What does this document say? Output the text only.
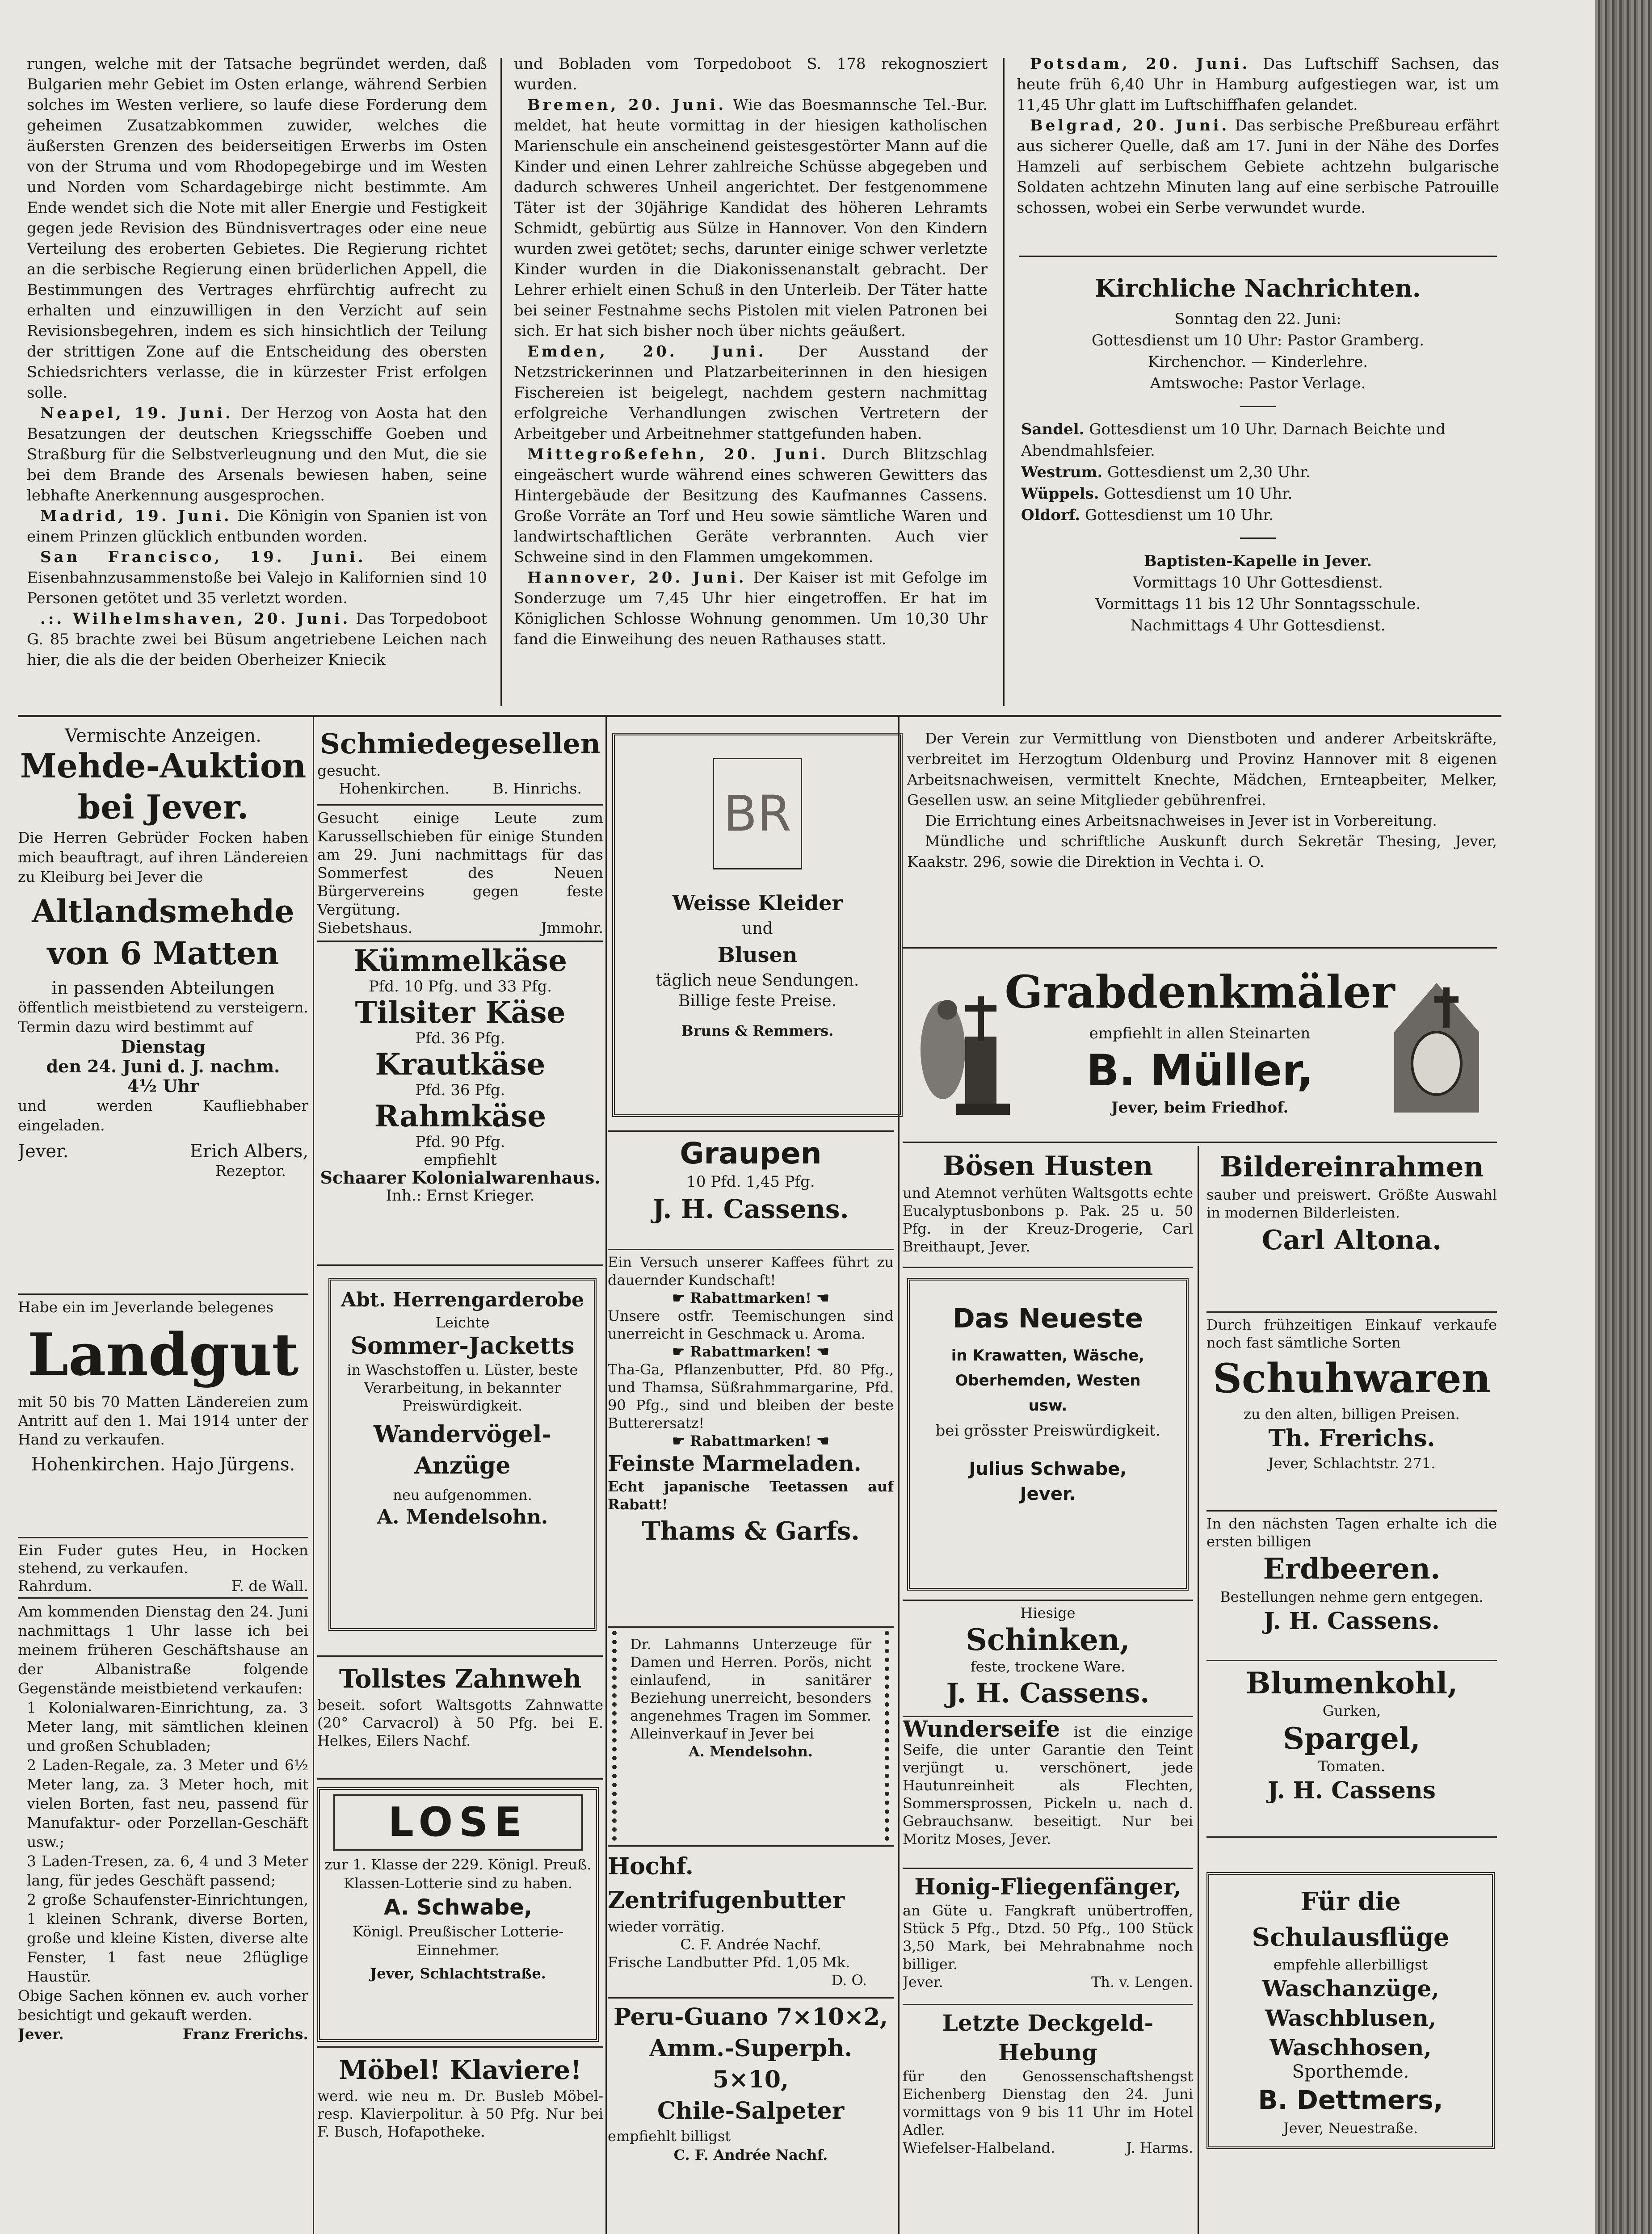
rungen, welche mit der Tatsache begründet werden, daß Bulgarien mehr Gebiet im Osten erlange, während Serbien solches im Westen verliere, so laufe diese Forderung dem geheimen Zusatzabkommen zuwider, welches die äußersten Grenzen des beiderseitigen Erwerbs im Osten von der Struma und vom Rhodopegebirge und im Westen und Norden vom Schardagebirge nicht bestimmte. Am Ende wendet sich die Note mit aller Energie und Festigkeit gegen jede Revision des Bündnisvertrages oder eine neue Verteilung des eroberten Gebietes. Die Regierung richtet an die serbische Regierung einen brüderlichen Appell, die Bestimmungen des Vertrages ehrfürchtig aufrecht zu erhalten und einzuwilligen in den Verzicht auf sein Revisionsbegehren, indem es sich hinsichtlich der Teilung der strittigen Zone auf die Entscheidung des obersten Schiedsrichters verlasse, die in kürzester Frist erfolgen solle.

Neapel, 19. Juni. Der Herzog von Aosta hat den Besatzungen der deutschen Kriegsschiffe Goeben und Straßburg für die Selbstverleugnung und den Mut, die sie bei dem Brande des Arsenals bewiesen haben, seine lebhafte Anerkennung ausgesprochen.

Madrid, 19. Juni. Die Königin von Spanien ist von einem Prinzen glücklich entbunden worden.

San Francisco, 19. Juni. Bei einem Eisenbahnzusammenstoße bei Valejo in Kalifornien sind 10 Personen getötet und 35 verletzt worden.

.:. Wilhelmshaven, 20. Juni. Das Torpedoboot G. 85 brachte zwei bei Büsum angetriebene Leichen nach hier, die als die der beiden Oberheizer Kniecik

und Bobladen vom Torpedoboot S. 178 rekognosziert wurden.

Bremen, 20. Juni. Wie das Boesmannsche Tel.-Bur. meldet, hat heute vormittag in der hiesigen katholischen Marienschule ein anscheinend geistesgestörter Mann auf die Kinder und einen Lehrer zahlreiche Schüsse abgegeben und dadurch schweres Unheil angerichtet. Der festgenommene Täter ist der 30jährige Kandidat des höheren Lehramts Schmidt, gebürtig aus Sülze in Hannover. Von den Kindern wurden zwei getötet; sechs, darunter einige schwer verletzte Kinder wurden in die Diakonissenanstalt gebracht. Der Lehrer erhielt einen Schuß in den Unterleib. Der Täter hatte bei seiner Festnahme sechs Pistolen mit vielen Patronen bei sich. Er hat sich bisher noch über nichts geäußert.

Emden, 20. Juni. Der Ausstand der Netzstrickerinnen und Platzarbeiterinnen in den hiesigen Fischereien ist beigelegt, nachdem gestern nachmittag erfolgreiche Verhandlungen zwischen Vertretern der Arbeitgeber und Arbeitnehmer stattgefunden haben.

Mittegroßefehn, 20. Juni. Durch Blitzschlag eingeäschert wurde während eines schweren Gewitters das Hintergebäude der Besitzung des Kaufmannes Cassens. Große Vorräte an Torf und Heu sowie sämtliche Waren und landwirtschaftlichen Geräte verbrannten. Auch vier Schweine sind in den Flammen umgekommen.

Hannover, 20. Juni. Der Kaiser ist mit Gefolge im Sonderzuge um 7,45 Uhr hier eingetroffen. Er hat im Königlichen Schlosse Wohnung genommen. Um 10,30 Uhr fand die Einweihung des neuen Rathauses statt.

Potsdam, 20. Juni. Das Luftschiff Sachsen, das heute früh 6,40 Uhr in Hamburg aufgestiegen war, ist um 11,45 Uhr glatt im Luftschiffhafen gelandet.

Belgrad, 20. Juni. Das serbische Preßbureau erfährt aus sicherer Quelle, daß am 17. Juni in der Nähe des Dorfes Hamzeli auf serbischem Gebiete achtzehn bulgarische Soldaten achtzehn Minuten lang auf eine serbische Patrouille schossen, wobei ein Serbe verwundet wurde.

Kirchliche Nachrichten.
Sonntag den 22. Juni:
Gottesdienst um 10 Uhr: Pastor Gramberg.
Kirchenchor. — Kinderlehre.
Amtswoche: Pastor Verlage.
Sandel. Gottesdienst um 10 Uhr. Darnach Beichte und Abendmahlsfeier.
Westrum. Gottesdienst um 2,30 Uhr.
Wüppels. Gottesdienst um 10 Uhr.
Oldorf. Gottesdienst um 10 Uhr.
Baptisten-Kapelle in Jever.
Vormittags 10 Uhr Gottesdienst.
Vormittags 11 bis 12 Uhr Sonntagsschule.
Nachmittags 4 Uhr Gottesdienst.
Vermischte Anzeigen.
Mehde-Auktion bei Jever.
Die Herren Gebrüder Focken haben mich beauftragt, auf ihren Ländereien zu Kleiburg bei Jever die
Altlandsmehde von 6 Matten
in passenden Abteilungen
öffentlich meistbietend zu versteigern. Termin dazu wird bestimmt auf
Dienstag
den 24. Juni d. J. nachm. 4½ Uhr
und werden Kaufliebhaber eingeladen.
Jever.	Erich Albers,
Rezeptor.
Habe ein im Jeverlande belegenes
Landgut
mit 50 bis 70 Matten Ländereien zum Antritt auf den 1. Mai 1914 unter der Hand zu verkaufen.
Hohenkirchen. Hajo Jürgens.
Ein Fuder gutes Heu, in Hocken stehend, zu verkaufen.
Rahrdum.	F. de Wall.
Am kommenden Dienstag den 24. Juni nachmittags 1 Uhr lasse ich bei meinem früheren Geschäftshause an der Albanistraße folgende Gegenstände meistbietend verkaufen:
1 Kolonialwaren-Einrichtung, za. 3 Meter lang, mit sämtlichen kleinen und großen Schubladen;
2 Laden-Regale, za. 3 Meter und 6½ Meter lang, za. 3 Meter hoch, mit vielen Borten, fast neu, passend für Manufaktur- oder Porzellan-Geschäft usw.;
3 Laden-Tresen, za. 6, 4 und 3 Meter lang, für jedes Geschäft passend;
2 große Schaufenster-Einrichtungen, 1 kleinen Schrank, diverse Borten, große und kleine Kisten, diverse alte Fenster, 1 fast neue 2flüglige Haustür.
Obige Sachen können ev. auch vorher besichtigt und gekauft werden.
Jever.	Franz Frerichs.
Schmiedegesellen
gesucht.
Hohenkirchen.	B. Hinrichs.
Gesucht einige Leute zum Karussellschieben für einige Stunden am 29. Juni nachmittags für das Sommerfest des Neuen Bürgervereins gegen feste Vergütung.
Siebetshaus.	Jmmohr.
Kümmelkäse
Pfd. 10 Pfg. und 33 Pfg.
Tilsiter Käse
Pfd. 36 Pfg.
Krautkäse
Pfd. 36 Pfg.
Rahmkäse
Pfd. 90 Pfg.
empfiehlt
Schaarer Kolonialwarenhaus.
Inh.: Ernst Krieger.
Abt. Herrengarderobe
Leichte
Sommer-Jacketts
in Waschstoffen u. Lüster, beste Verarbeitung, in bekannter Preiswürdigkeit.
Wandervögel-Anzüge
neu aufgenommen.
A. Mendelsohn.
Tollstes Zahnweh
beseit. sofort Waltsgotts Zahnwatte (20° Carvacrol) à 50 Pfg. bei E. Helkes, Eilers Nachf.
LOSE
zur 1. Klasse der 229. Königl. Preuß. Klassen-Lotterie sind zu haben.
A. Schwabe,
Königl. Preußischer Lotterie-Einnehmer.
Jever, Schlachtstraße.
Möbel! Klaviere!
werd. wie neu m. Dr. Busleb Möbel-resp. Klavierpolitur. à 50 Pfg. Nur bei F. Busch, Hofapotheke.
BR
Weisse Kleider
und
Blusen
täglich neue Sendungen.
Billige feste Preise.
Bruns & Remmers.
Graupen
10 Pfd. 1,45 Pfg.
J. H. Cassens.
Ein Versuch unserer Kaffees führt zu dauernder Kundschaft!
☛ Rabattmarken! ☚
Unsere ostfr. Teemischungen sind unerreicht in Geschmack u. Aroma.
☛ Rabattmarken! ☚
Tha-Ga, Pflanzenbutter, Pfd. 80 Pfg., und Thamsa, Süßrahmmargarine, Pfd. 90 Pfg., sind und bleiben der beste Butterersatz!
☛ Rabattmarken! ☚
Feinste Marmeladen.
Echt japanische Teetassen auf Rabatt!
Thams & Garfs.
Dr. Lahmanns Unterzeuge für Damen und Herren. Porös, nicht einlaufend, in sanitärer Beziehung unerreicht, besonders angenehmes Tragen im Sommer. Alleinverkauf in Jever bei
A. Mendelsohn.
Hochf. Zentrifugenbutter
wieder vorrätig.
C. F. Andrée Nachf.
Frische Landbutter Pfd. 1,05 Mk.
D. O.
Peru-Guano 7×10×2,
Amm.-Superph. 5×10,
Chile-Salpeter
empfiehlt billigst
C. F. Andrée Nachf.

Der Verein zur Vermittlung von Dienstboten und anderer Arbeitskräfte, verbreitet im Herzogtum Oldenburg und Provinz Hannover mit 8 eigenen Arbeitsnachweisen, vermittelt Knechte, Mädchen, Ernteарbeiter, Melker, Gesellen usw. an seine Mitglieder gebührenfrei.

Die Errichtung eines Arbeitsnachweises in Jever ist in Vorbereitung.

Mündliche und schriftliche Auskunft durch Sekretär Thesing, Jever, Kaakstr. 296, sowie die Direktion in Vechta i. O.

Grabdenkmäler
empfiehlt in allen Steinarten
B. Müller,
Jever, beim Friedhof.
Bösen Husten
und Atemnot verhüten Waltsgotts echte Eucalyptusbonbons p. Pak. 25 u. 50 Pfg. in der Kreuz-Drogerie, Carl Breithaupt, Jever.
Das Neueste
in Krawatten, Wäsche,
Oberhemden, Westen
usw.
bei grösster Preiswürdigkeit.
Julius Schwabe,
Jever.
Hiesige
Schinken,
feste, trockene Ware.
J. H. Cassens.
Wunderseife ist die einzige Seife, die unter Garantie den Teint verjüngt u. verschönert, jede Hautunreinheit als Flechten, Sommersprossen, Pickeln u. nach d. Gebrauchsanw. beseitigt. Nur bei Moritz Moses, Jever.
Honig-Fliegenfänger,
an Güte u. Fangkraft unübertroffen, Stück 5 Pfg., Dtzd. 50 Pfg., 100 Stück 3,50 Mark, bei Mehrabnahme noch billiger.
Jever.	Th. v. Lengen.
Letzte Deckgeld-Hebung
für den Genossenschaftshengst Eichenberg Dienstag den 24. Juni vormittags von 9 bis 11 Uhr im Hotel Adler.
Wiefelser-Halbeland.	J. Harms.
Bildereinrahmen
sauber und preiswert. Größte Auswahl in modernen Bilderleisten.
Carl Altona.
Durch frühzeitigen Einkauf verkaufe noch fast sämtliche Sorten
Schuhwaren
zu den alten, billigen Preisen.
Th. Frerichs.
Jever, Schlachtstr. 271.
In den nächsten Tagen erhalte ich die ersten billigen
Erdbeeren.
Bestellungen nehme gern entgegen.
J. H. Cassens.
Blumenkohl,
Gurken,
Spargel,
Tomaten.
J. H. Cassens
Für die Schulausflüge
empfehle allerbilligst
Waschanzüge, Waschblusen, Waschhosen,
Sporthemde.
B. Dettmers,
Jever, Neuestraße.
